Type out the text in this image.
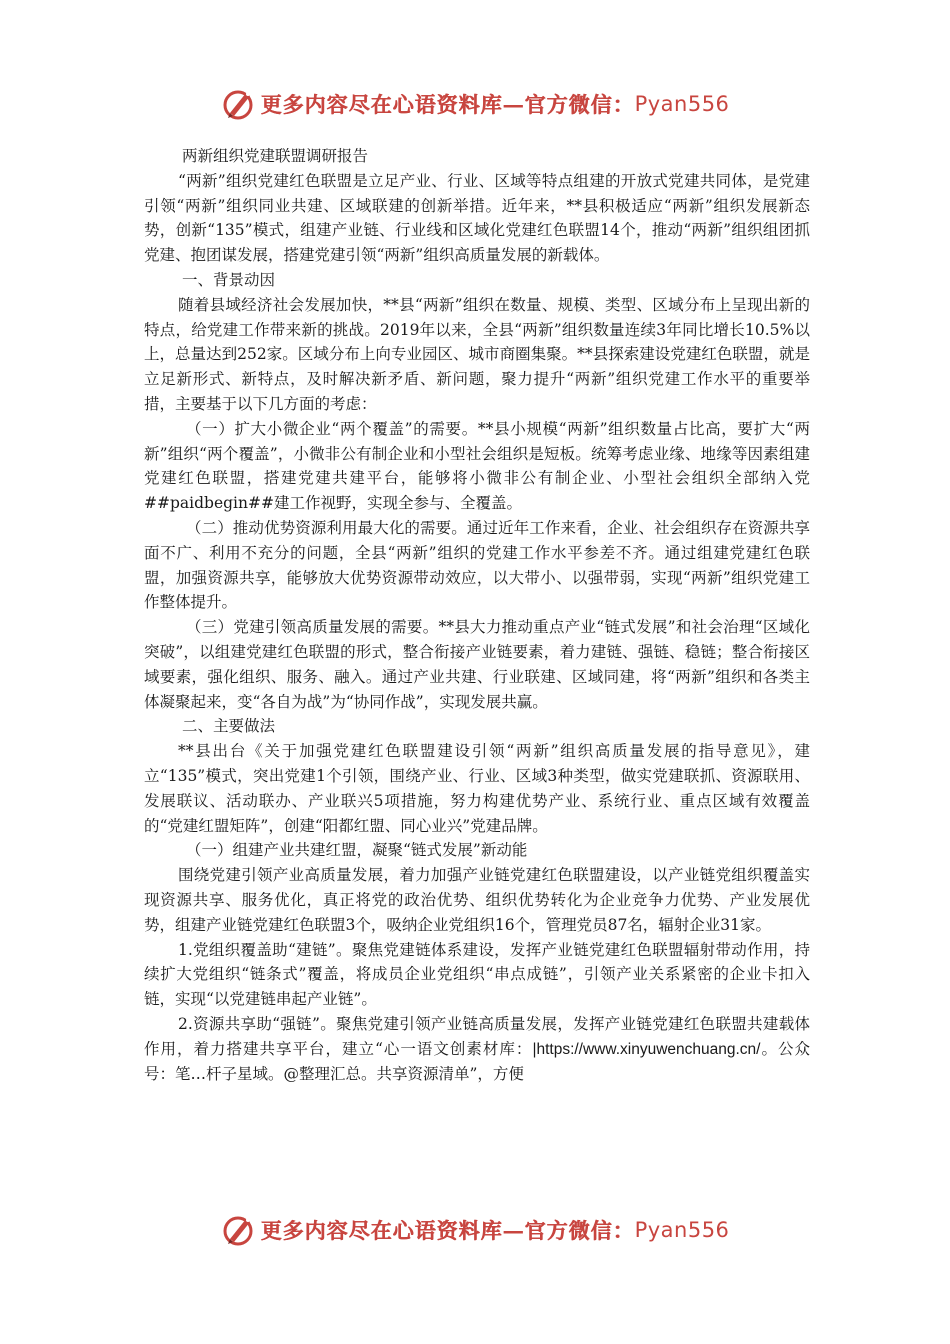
更多内容尽在心语资料库—官方微信： Pyan556

两新组织党建联盟调研报告

“两新”组织党建红色联盟是立足产业、行业、区域等特点组建的开放式党建共同体，是党建引领“两新”组织同业共建、区域联建的创新举措。近年来，**县积极适应“两新”组织发展新态势，创新“135”模式，组建产业链、行业线和区域化党建红色联盟14个，推动“两新”组织组团抓党建、抱团谋发展，搭建党建引领“两新”组织高质量发展的新载体。

一、背景动因

随着县域经济社会发展加快，**县“两新”组织在数量、规模、类型、区域分布上呈现出新的特点，给党建工作带来新的挑战。2019年以来，全县“两新”组织数量连续3年同比增长10.5%以上，总量达到252家。区域分布上向专业园区、城市商圈集聚。**县探索建设党建红色联盟，就是立足新形式、新特点，及时解决新矛盾、新问题，聚力提升“两新”组织党建工作水平的重要举措，主要基于以下几方面的考虑：

（一）扩大小微企业“两个覆盖”的需要。**县小规模“两新”组织数量占比高，要扩大“两新”组织“两个覆盖”，小微非公有制企业和小型社会组织是短板。统筹考虑业缘、地缘等因素组建党建红色联盟，搭建党建共建平台，能够将小微非公有制企业、小型社会组织全部纳入党##paidbegin##建工作视野，实现全参与、全覆盖。

（二）推动优势资源利用最大化的需要。通过近年工作来看，企业、社会组织存在资源共享面不广、利用不充分的问题，全县“两新”组织的党建工作水平参差不齐。通过组建党建红色联盟，加强资源共享，能够放大优势资源带动效应，以大带小、以强带弱，实现“两新”组织党建工作整体提升。

（三）党建引领高质量发展的需要。**县大力推动重点产业“链式发展”和社会治理“区域化突破”，以组建党建红色联盟的形式，整合衔接产业链要素，着力建链、强链、稳链；整合衔接区域要素，强化组织、服务、融入。通过产业共建、行业联建、区域同建，将“两新”组织和各类主体凝聚起来，变“各自为战”为“协同作战”，实现发展共赢。

二、主要做法

**县出台《关于加强党建红色联盟建设引领“两新”组织高质量发展的指导意见》，建立“135”模式，突出党建1个引领，围绕产业、行业、区域3种类型，做实党建联抓、资源联用、发展联议、活动联办、产业联兴5项措施，努力构建优势产业、系统行业、重点区域有效覆盖的“党建红盟矩阵”，创建“阳都红盟、同心业兴”党建品牌。

（一）组建产业共建红盟，凝聚“链式发展”新动能

围绕党建引领产业高质量发展，着力加强产业链党建红色联盟建设，以产业链党组织覆盖实现资源共享、服务优化，真正将党的政治优势、组织优势转化为企业竞争力优势、产业发展优势，组建产业链党建红色联盟3个，吸纳企业党组织16个，管理党员87名，辐射企业31家。

1.党组织覆盖助“建链”。聚焦党建链体系建设，发挥产业链党建红色联盟辐射带动作用，持续扩大党组织“链条式”覆盖，将成员企业党组织“串点成链”，引领产业关系紧密的企业卡扣入链，实现“以党建链串起产业链”。

2.资源共享助“强链”。聚焦党建引领产业链高质量发展，发挥产业链党建红色联盟共建载体作用，着力搭建共享平台，建立“心一语文创素材库：|https://www.xinyuwenchuang.cn/。公众号：笔…杆子星域。@整理汇总。共享资源清单”，方便

更多内容尽在心语资料库—官方微信： Pyan556
